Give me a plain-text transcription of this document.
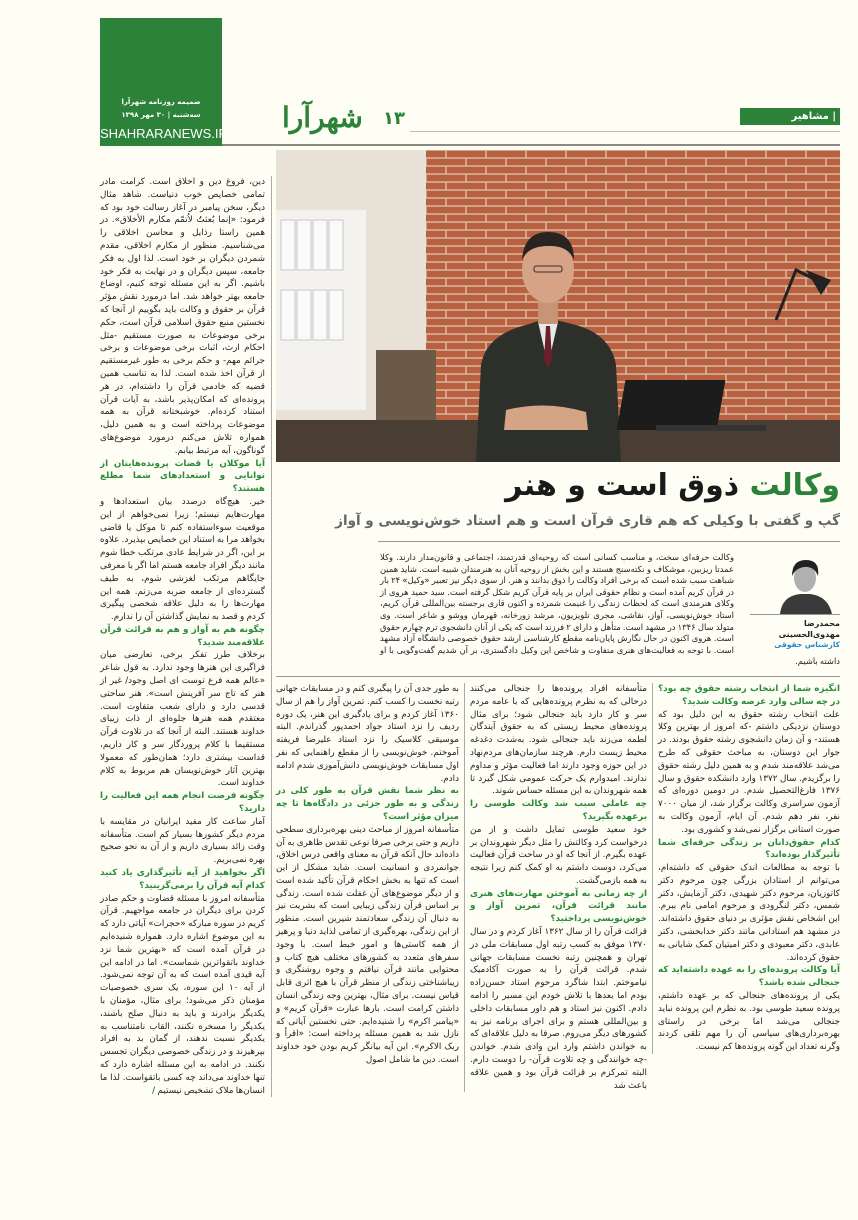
ضمیمه روزنامه شهرآرا
سه‌شنبه | ۳۰ مهر ۱۳۹۸
SHAHRARANEWS.IR شهرآرا ۱۳	| مشاهیر
وکالت ذوق است و هنر
گپ و گفتی با وکیلی که هم قاری قرآن است و هم استاد خوش‌نویسی و آواز
محمدرضا مهدوی‌الحسینی
کارشناس حقوقی

وکالت حرفه‌ای سخت، و مناسب کسانی است که روحیه‌ای قدرتمند، اجتماعی و قانون‌مدار دارند. وکلا عمدتا ریزبین، موشکاف و نکته‌سنج هستند و این بخش از روحیه آنان به هنرمندان شبیه است. شاید همین شباهت سبب شده است که برخی افراد وکالت را ذوق بدانند و هنر. از سوی دیگر نیز تعبیر «وکیل» ۲۴ بار در قرآن کریم آمده است و نظام حقوقی ایران بر پایه قرآن کریم شکل گرفته است. سید حمید هروی از وکلای هنرمندی است که لحظات زندگی را غنیمت شمرده و اکنون قاری برجسته بین‌المللی قرآن کریم، استاد خوش‌نویسی، آواز، نقاشی، مجری تلویزیون، مرشد زورخانه، قهرمان ووشو و شاعر است. وی متولد سال ۱۳۴۶ در مشهد است. متأهل و دارای ۲ فرزند است که یکی از آنان دانشجوی ترم چهارم حقوق است. هروی اکنون در حال نگارش پایان‌نامه مقطع کارشناسی ارشد حقوق خصوصی دانشگاه آزاد مشهد است. با توجه به فعالیت‌های هنری متفاوت و شاخص این وکیل دادگستری، بر آن شدیم گفت‌وگویی با او داشته باشیم.

انگیزه شما از انتخاب رشته حقوق چه بود؟ در چه سالی وارد عرصه وکالت شدید؟

علت انتخاب رشته حقوق به این دلیل بود که دوستان نزدیکی داشتم -که امروز از بهترین وکلا هستند- و آن زمان دانشجوی رشته حقوق بودند. در جوار این دوستان، به مباحث حقوقی که طرح می‌شد علاقه‌مند شدم و به همین دلیل رشته حقوق را برگزیدم. سال ۱۳۷۲ وارد دانشکده حقوق و سال ۱۳۷۶ فارغ‌التحصیل شدم. در دومین دوره‌ای که آزمون سراسری وکالت برگزار شد، از میان ۷۰۰۰ نفر، نفر دهم شدم. آن ایام، آزمون وکالت به صورت استانی برگزار نمی‌شد و کشوری بود.

کدام حقوق‌دانان بر زندگی حرفه‌ای شما تأثیرگذار بوده‌اند؟

با توجه به مطالعات اندک حقوقی که داشته‌ام، می‌توانم از استادان بزرگی چون مرحوم دکتر کاتوزیان، مرحوم دکتر شهیدی، دکتر آزمایش، دکتر شمس، دکتر لنگرودی و مرحوم امامی نام ببرم. این اشخاص نقش مؤثری بر دنیای حقوق داشته‌اند. در مشهد هم استادانی مانند دکتر خدابخشی، دکتر عابدی، دکتر معبودی و دکتر امیتیان کمک شایانی به حقوق کرده‌اند.

آیا وکالت پرونده‌ای را به عهده داشته‌اید که جنجالی شده باشد؟

یکی از پرونده‌های جنجالی که بر عهده داشتم، پرونده سعید طوسی بود. به نظرم این پرونده نباید جنجالی می‌شد اما برخی در راستای بهره‌برداری‌های سیاسی آن را مهم تلقی کردند وگرنه تعداد این گونه پرونده‌ها کم نیست.

متأسفانه افراد پرونده‌ها را جنجالی می‌کنند درحالی که به نظرم پرونده‌هایی که با عامه مردم سر و کار دارد باید جنجالی شود؛ برای مثال پرونده‌های محیط زیستی که به حقوق آیندگان لطمه می‌زند باید جنجالی شود. به‌شدت دغدغه محیط زیست دارم. هرچند سازمان‌های مردم‌نهاد در این حوزه وجود دارند اما فعالیت مؤثر و مداوم ندارند. امیدوارم یک حرکت عمومی شکل گیرد تا همه شهروندان به این مسئله حساس شوند.

چه عاملی سبب شد وکالت طوسی را برعهده بگیرید؟

خود سعید طوسی تمایل داشت و از من درخواست کرد وکالتش را مثل دیگر شهروندان بر عهده بگیرم. از آنجا که او در ساحت قرآن فعالیت می‌کرد، دوست داشتم به او کمک کنم زیرا نتیجه به همه بازمی‌گشت.

از چه زمانی به آموختن مهارت‌های هنری مانند قرائت قرآن، تمرین آواز و خوش‌نویسی پرداختید؟

قرائت قرآن را از سال ۱۳۶۲ آغاز کردم و در سال ۱۳۷۰ موفق به کسب رتبه اول مسابقات ملی در تهران و همچنین رتبه نخست مسابقات جهانی شدم. قرائت قرآن را به صورت آکادمیک نیاموختم. ابتدا شاگرد مرحوم استاد حسن‌زاده بودم اما بعدها با تلاش خودم این مسیر را ادامه دادم. اکنون نیز استاد و هم داور مسابقات داخلی و بین‌المللی هستم و برای اجرای برنامه نیز به کشورهای دیگر می‌روم. صرفا به دلیل علاقه‌ای که به خواندن داشتم وارد این وادی شدم. خواندن -چه خوانندگی و چه تلاوت قرآن- را دوست دارم. البته تمرکزم بر قرائت قرآن بود و همین علاقه باعث شد

به طور جدی آن را پیگیری کنم و در مسابقات جهانی رتبه نخست را کسب کنم. تمرین آواز را هم از سال ۱۳۶۰ آغاز کردم و برای یادگیری این هنر، یک دوره ردیف را نزد استاد جواد احمدپور گذراندم. البته موسیقی کلاسیک را نزد استاد علیرضا فریفته آموختم. خوش‌نویسی را از مقطع راهنمایی که نفر اول مسابقات خوش‌نویسی دانش‌آموزی شدم ادامه دادم.

به نظر شما نقش قرآن به طور کلی در زندگی و به طور جزئی در دادگاه‌ها تا چه میزان مؤثر است؟

متأسفانه امروز از مباحث دینی بهره‌برداری سطحی داریم و حتی برخی صرفا نوعی تقدس ظاهری به آن داده‌اند حال آنکه قرآن به معنای واقعی درس اخلاق، جوانمردی و انسانیت است. شاید مشکل از این است که تنها به بخش احکام قرآن تأکید شده است و از دیگر موضوع‌های آن غفلت شده است. زندگی بر اساس قرآن زندگی زیبایی است که بشریت نیز به دنبال آن زندگی سعادتمند شیرین است. منظور از این زندگی، بهره‌گیری از تمامی لذاید دنیا و پرهیز از همه کاستی‌ها و امور خبط است. با وجود سفرهای متعدد به کشورهای مختلف هیچ کتاب و محتوایی مانند قرآن نیافتم و وجوه روشنگری و زیباشناختی زندگی از منظر قرآن با هیچ اثری قابل قیاس نیست. برای مثال، بهترین وجه زندگی انسان داشتن کرامت است. بارها عبارت «قرآن کریم» و «پیامبر اکرم» را شنیده‌ایم. حتی نخستین آیاتی که نازل شد به همین مسئله پرداخته است: «اقرأ و ربک الاکرم». این آیه بیانگر کریم بودن خود خداوند است. دین ما شامل اصول

دین، فروغ دین و اخلاق است. کرامت مادر تمامی خصایص خوب دنیاست. شاهد مثال دیگر، سخن پیامبر در آغاز رسالت خود بود که فرمود: «إنما بُعثتُ لاُتمّم مکارم الأخلاق». در همین راستا رذایل و محاسن اخلاقی را می‌شناسیم. منظور از مکارم اخلاقی، مقدم شمردن دیگران بر خود است. لذا اول به فکر جامعه، سپس دیگران و در نهایت به فکر خود باشیم. اگر به این مسئله توجه کنیم، اوضاع جامعه بهتر خواهد شد. اما درمورد نقش مؤثر قرآن بر حقوق و وکالت باید بگوییم از آنجا که نخستین منبع حقوق اسلامی قرآن است، حکم برخی موضوعات به صورت مستقیم -مثل احکام ارث، اثبات برخی موضوعات و برخی جرائم مهم- و حکم برخی به طور غیرمستقیم از قرآن اخذ شده است. لذا به تناسب همین قضیه که خادمی قرآن را داشته‌ام، در هر پرونده‌ای که امکان‌پذیر باشد، به آیات قرآن استناد کرده‌ام. خوشبختانه قرآن به همه موضوعات پرداخته است و به همین دلیل، همواره تلاش می‌کنم درمورد موضوع‌های گوناگون، آیه مرتبط بیابم.

آیا موکلان یا قضات پرونده‌هایتان از توانایی و استعدادهای شما مطلع هستند؟

خیر. هیچ‌گاه درصدد بیان استعدادها و مهارت‌هایم نیستم؛ زیرا نمی‌خواهم از این موقعیت سوءاستفاده کنم تا موکل یا قاضی بخواهد مرا به استناد این خصایص بپذیرد. علاوه بر این، اگر در شرایط عادی مرتکب خطا شوم مانند دیگر افراد جامعه هستم اما اگر با معرفی جایگاهم مرتکب لغزشی شوم، به طیف گسترده‌ای از جامعه ضربه می‌زنم. همه این مهارت‌ها را به دلیل علاقه شخصی پیگیری کردم و قصد به نمایش گذاشتن آن را ندارم.

چگونه هم به آواز و هم به قرائت قرآن علاقه‌مند شدید؟

برخلاف طرز تفکر برخی، تعارضی میان فراگیری این هنرها وجود ندارد. به قول شاعر «عالم همه فرع توست ای اصل وجود/ غیر از هنر که تاج سر آفرینش است». هنر ساحتی قدسی دارد و دارای شعب متفاوت است. معتقدم همه هنرها جلوه‌ای از ذات زیبای خداوند هستند. البته از آنجا که در تلاوت قرآن مستقیما با کلام پروردگار سر و کار داریم، قداست بیشتری دارد؛ همان‌طور که معمولا بهترین آثار خوش‌نویسان هم مربوط به کلام خداوند است.

چگونه فرصت انجام همه این فعالیت را دارید؟

آمار ساعت کار مفید ایرانیان در مقایسه با مردم دیگر کشورها بسیار کم است. متأسفانه وقت زائد بسیاری داریم و از آن به نحو صحیح بهره نمی‌بریم.

اگر بخواهید از آیه تأثیرگذاری یاد کنید کدام آیه قرآن را برمی‌گزینید؟

متأسفانه امروز با مسئله قضاوت و حکم صادر کردن برای دیگران در جامعه مواجهیم. قرآن کریم در سوره مبارکه «حجرات» آیاتی دارد که به این موضوع اشاره دارد. همواره شنیده‌ایم در قرآن آمده است که «بهترین شما نزد خداوند باتقواترین شماست». اما در ادامه این آیه قیدی آمده است که به آن توجه نمی‌شود. از آیه ۱۰ این سوره، یک سری خصوصیات مؤمنان ذکر می‌شود؛ برای مثال، مؤمنان با یکدیگر برادرند و باید به دنبال صلح باشند، یکدیگر را مسخره نکنند، القاب نامتناسب به یکدیگر نسبت ندهند، از گمان بد به افراد بپرهیزند و در زندگی خصوصی دیگران تجسس نکنند. در ادامه به این مسئله اشاره دارد که تنها خداوند می‌داند چه کسی باتقواست. لذا ما انسان‌ها ملاک تشخیص نیستیم /
